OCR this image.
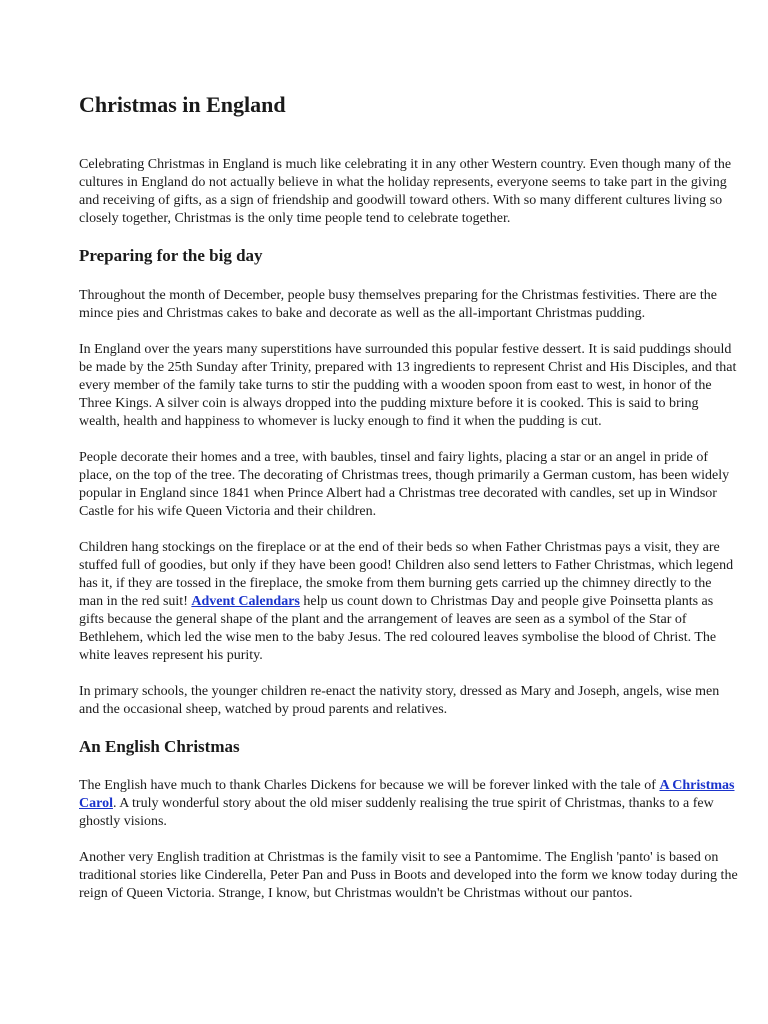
Christmas in England

Celebrating Christmas in England is much like celebrating it in any other Western country. Even though many of the cultures in England do not actually believe in what the holiday represents, everyone seems to take part in the giving and receiving of gifts, as a sign of friendship and goodwill toward others. With so many different cultures living so closely together, Christmas is the only time people tend to celebrate together.

Preparing for the big day

Throughout the month of December, people busy themselves preparing for the Christmas festivities. There are the mince pies and Christmas cakes to bake and decorate as well as the all-important Christmas pudding.

In England over the years many superstitions have surrounded this popular festive dessert. It is said puddings should be made by the 25th Sunday after Trinity, prepared with 13 ingredients to represent Christ and His Disciples, and that every member of the family take turns to stir the pudding with a wooden spoon from east to west, in honor of the Three Kings. A silver coin is always dropped into the pudding mixture before it is cooked. This is said to bring wealth, health and happiness to whomever is lucky enough to find it when the pudding is cut.

People decorate their homes and a tree, with baubles, tinsel and fairy lights, placing a star or an angel in pride of place, on the top of the tree. The decorating of Christmas trees, though primarily a German custom, has been widely popular in England since 1841 when Prince Albert had a Christmas tree decorated with candles, set up in Windsor Castle for his wife Queen Victoria and their children.

Children hang stockings on the fireplace or at the end of their beds so when Father Christmas pays a visit, they are stuffed full of goodies, but only if they have been good! Children also send letters to Father Christmas, which legend has it, if they are tossed in the fireplace, the smoke from them burning gets carried up the chimney directly to the man in the red suit! Advent Calendars help us count down to Christmas Day and people give Poinsetta plants as gifts because the general shape of the plant and the arrangement of leaves are seen as a symbol of the Star of Bethlehem, which led the wise men to the baby Jesus. The red coloured leaves symbolise the blood of Christ. The white leaves represent his purity.

In primary schools, the younger children re-enact the nativity story, dressed as Mary and Joseph, angels, wise men and the occasional sheep, watched by proud parents and relatives.

An English Christmas

The English have much to thank Charles Dickens for because we will be forever linked with the tale of A Christmas Carol. A truly wonderful story about the old miser suddenly realising the true spirit of Christmas, thanks to a few ghostly visions.

Another very English tradition at Christmas is the family visit to see a Pantomime. The English 'panto' is based on traditional stories like Cinderella, Peter Pan and Puss in Boots and developed into the form we know today during the reign of Queen Victoria. Strange, I know, but Christmas wouldn't be Christmas without our pantos.
